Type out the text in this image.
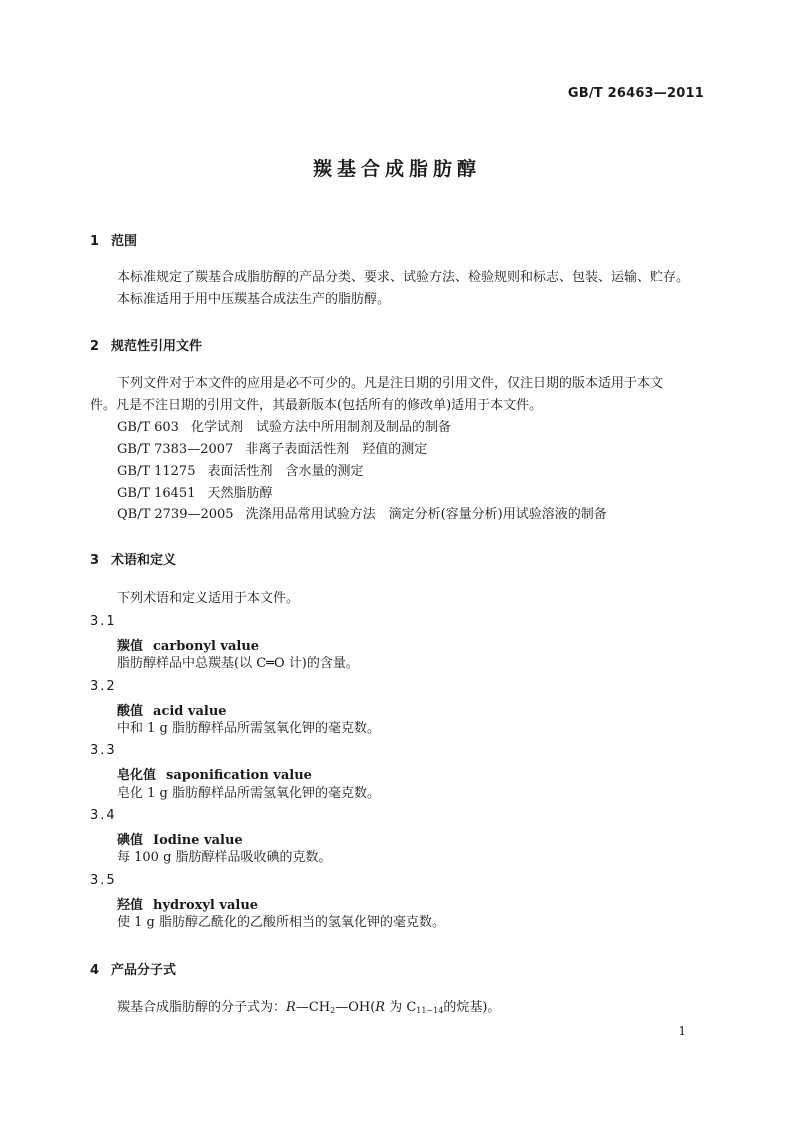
GB/T 26463—2011
羰基合成脂肪醇
1 范围
本标准规定了羰基合成脂肪醇的产品分类、要求、试验方法、检验规则和标志、包装、运输、贮存。
本标准适用于用中压羰基合成法生产的脂肪醇。
2 规范性引用文件
下列文件对于本文件的应用是必不可少的。凡是注日期的引用文件，仅注日期的版本适用于本文
件。凡是不注日期的引用文件，其最新版本(包括所有的修改单)适用于本文件。
GB/T 603 化学试剂　试验方法中所用制剂及制品的制备
GB/T 7383—2007 非离子表面活性剂　羟值的测定
GB/T 11275 表面活性剂　含水量的测定
GB/T 16451 天然脂肪醇
QB/T 2739—2005 洗涤用品常用试验方法　滴定分析(容量分析)用试验溶液的制备
3 术语和定义
下列术语和定义适用于本文件。
3.1
羰值 carbonyl value
脂肪醇样品中总羰基(以 C═O 计)的含量。
3.2
酸值 acid value
中和 1 g 脂肪醇样品所需氢氧化钾的毫克数。
3.3
皂化值 saponification value
皂化 1 g 脂肪醇样品所需氢氧化钾的毫克数。
3.4
碘值 Iodine value
每 100 g 脂肪醇样品吸收碘的克数。
3.5
羟值 hydroxyl value
使 1 g 脂肪醇乙酰化的乙酸所相当的氢氧化钾的毫克数。
4 产品分子式
羰基合成脂肪醇的分子式为：$R—CH_2—OH(R$ 为 $C_{11\sim 14}$的烷基)。
1
